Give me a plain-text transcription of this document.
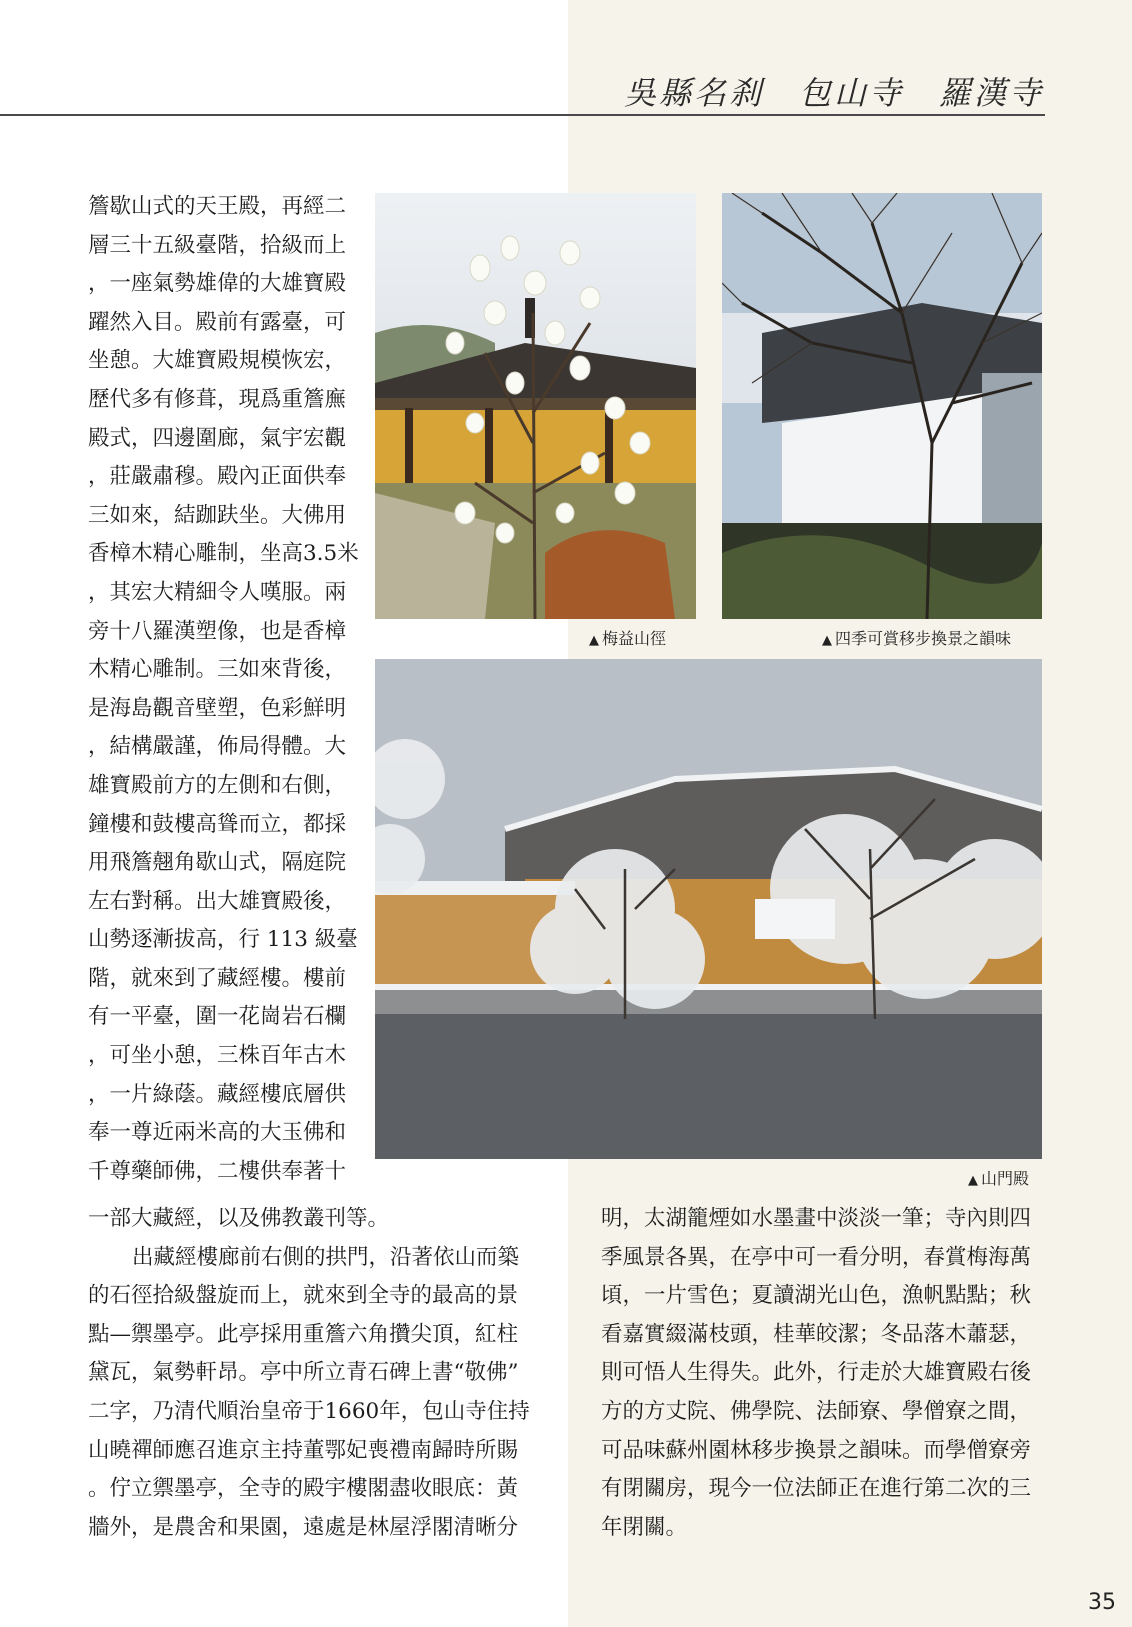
吳縣名刹　包山寺　羅漢寺
簷歇山式的天王殿，再經二
層三十五級臺階，拾級而上
，一座氣勢雄偉的大雄寶殿
躍然入目。殿前有露臺，可
坐憩。大雄寶殿規模恢宏，
歷代多有修葺，現爲重簷廡
殿式，四邊圍廊，氣宇宏觀
，莊嚴肅穆。殿內正面供奉
三如來，結跏趺坐。大佛用
香樟木精心雕制，坐高3.5米
，其宏大精細令人嘆服。兩
旁十八羅漢塑像，也是香樟
木精心雕制。三如來背後，
是海島觀音壁塑，色彩鮮明
，結構嚴謹，佈局得體。大
雄寶殿前方的左側和右側，
鐘樓和鼓樓高聳而立，都採
用飛簷翹角歇山式，隔庭院
左右對稱。出大雄寶殿後，
山勢逐漸拔高，行 113 級臺
階，就來到了藏經樓。樓前
有一平臺，圍一花崗岩石欄
，可坐小憩，三株百年古木
，一片綠蔭。藏經樓底層供
奉一尊近兩米高的大玉佛和
千尊藥師佛，二樓供奉著十
一部大藏經，以及佛教叢刊等。
出藏經樓廊前右側的拱門，沿著依山而築
的石徑拾級盤旋而上，就來到全寺的最高的景
點—禦墨亭。此亭採用重簷六角攢尖頂，紅柱
黛瓦，氣勢軒昂。亭中所立青石碑上書“敬佛”
二字，乃清代順治皇帝于1660年，包山寺住持
山曉禪師應召進京主持董鄂妃喪禮南歸時所賜
。佇立禦墨亭，全寺的殿宇樓閣盡收眼底：黃
牆外，是農舍和果園，遠處是林屋浮閣清晰分
明，太湖籠煙如水墨畫中淡淡一筆；寺內則四
季風景各異，在亭中可一看分明，春賞梅海萬
頃，一片雪色；夏讀湖光山色，漁帆點點；秋
看嘉實綴滿枝頭，桂華皎潔；冬品落木蕭瑟，
則可悟人生得失。此外，行走於大雄寶殿右後
方的方丈院、佛學院、法師寮、學僧寮之間，
可品味蘇州園林移步換景之韻味。而學僧寮旁
有閉關房，現今一位法師正在進行第二次的三
年閉關。
▲ 梅益山徑	▲ 四季可賞移步換景之韻味
▲ 山門殿
35
